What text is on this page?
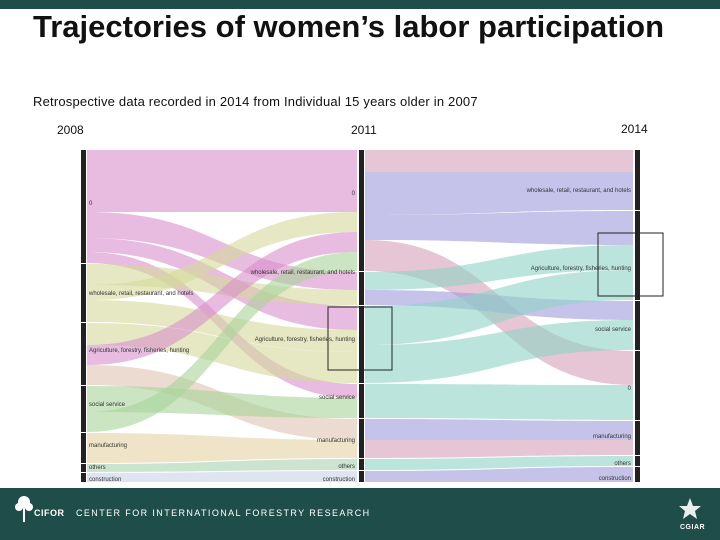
Trajectories of women’s labor participation
Retrospective data recorded in 2014 from Individual 15 years older in 2007
2008	2011	2014
0
wholesale, retail, restaurant, and hotels
Agriculture, forestry, fisheries, hunting
social service
manufacturing
others
construction
0
wholesale, retail, restaurant, and hotels
Agriculture, forestry, fisheries, hunting
social service
manufacturing
others
construction
wholesale, retail, restaurant, and hotels
Agriculture, forestry, fisheries, hunting
social service
0
manufacturing
others
construction
CIFOR CENTER FOR INTERNATIONAL FORESTRY RESEARCH
CGIAR
